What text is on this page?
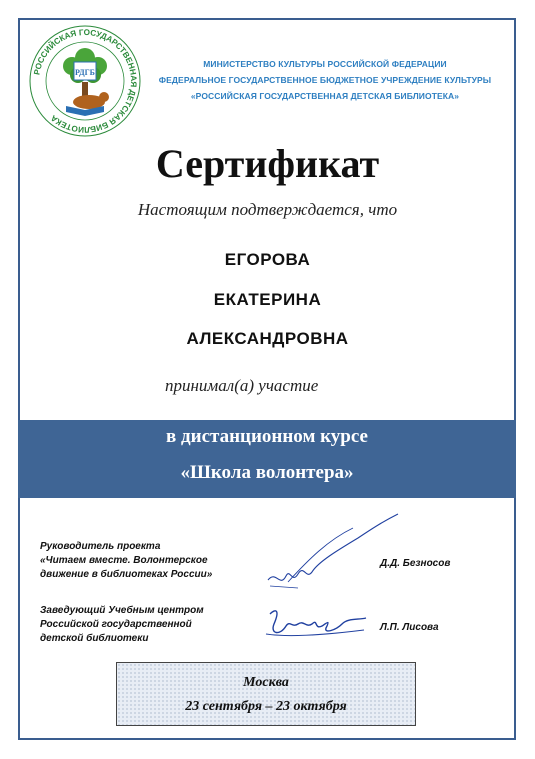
РОССИЙСКАЯ ГОСУДАРСТВЕННАЯ ДЕТСКАЯ БИБЛИОТЕКА
РДГБ
МИНИСТЕРСТВО КУЛЬТУРЫ РОССИЙСКОЙ ФЕДЕРАЦИИ
ФЕДЕРАЛЬНОЕ ГОСУДАРСТВЕННОЕ БЮДЖЕТНОЕ УЧРЕЖДЕНИЕ КУЛЬТУРЫ
«РОССИЙСКАЯ ГОСУДАРСТВЕННАЯ ДЕТСКАЯ БИБЛИОТЕКА»
Сертификат
Настоящим подтверждается, что
ЕГОРОВА
ЕКАТЕРИНА
АЛЕКСАНДРОВНА
принимал(а) участие
в дистанционном курсе
«Школа волонтера»
Руководитель проекта
«Читаем вместе. Волонтерское
движение в библиотеках России»
Д.Д. Безносов
Заведующий Учебным центром
Российской государственной
детской библиотеки
Л.П. Лисова
Москва
23 сентября – 23 октября
